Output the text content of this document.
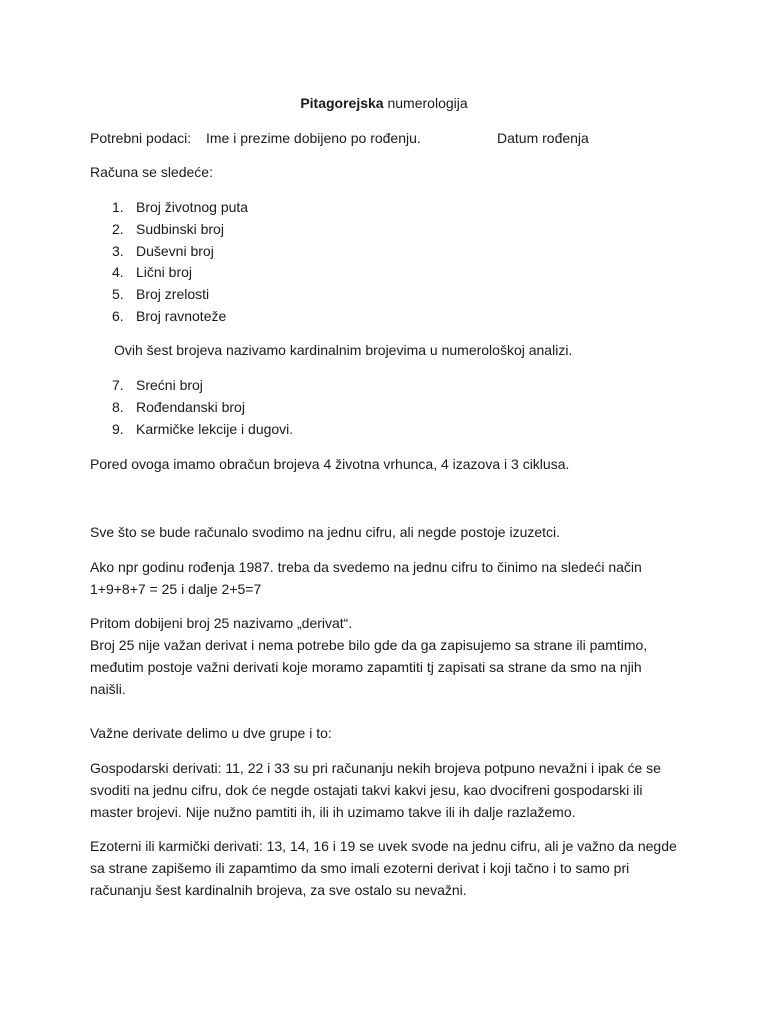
Pitagorejska numerologija
Potrebni podaci: Ime i prezime dobijeno po rođenju.	Datum rođenja
Računa se sledeće:
1. Broj životnog puta
2. Sudbinski broj
3. Duševni broj
4. Lični broj
5. Broj zrelosti
6. Broj ravnoteže
Ovih šest brojeva nazivamo kardinalnim brojevima u numerološkoj analizi.
7. Srećni broj
8. Rođendanski broj
9. Karmičke lekcije i dugovi.
Pored ovoga imamo obračun brojeva 4 životna vrhunca, 4 izazova i 3 ciklusa.
Sve što se bude računalo svodimo na jednu cifru, ali negde postoje izuzetci.
Ako npr godinu rođenja 1987. treba da svedemo na jednu cifru to činimo na sledeći način
1+9+8+7 = 25 i dalje 2+5=7
Pritom dobijeni broj 25 nazivamo „derivat“.
Broj 25 nije važan derivat i nema potrebe bilo gde da ga zapisujemo sa strane ili pamtimo,
međutim postoje važni derivati koje moramo zapamtiti tj zapisati sa strane da smo na njih
naišli.
Važne derivate delimo u dve grupe i to:
Gospodarski derivati: 11, 22 i 33 su pri računanju nekih brojeva potpuno nevažni i ipak će se
svoditi na jednu cifru, dok će negde ostajati takvi kakvi jesu, kao dvocifreni gospodarski ili
master brojevi. Nije nužno pamtiti ih, ili ih uzimamo takve ili ih dalje razlažemo.
Ezoterni ili karmički derivati: 13, 14, 16 i 19 se uvek svode na jednu cifru, ali je važno da negde
sa strane zapišemo ili zapamtimo da smo imali ezoterni derivat i koji tačno i to samo pri
računanju šest kardinalnih brojeva, za sve ostalo su nevažni.
